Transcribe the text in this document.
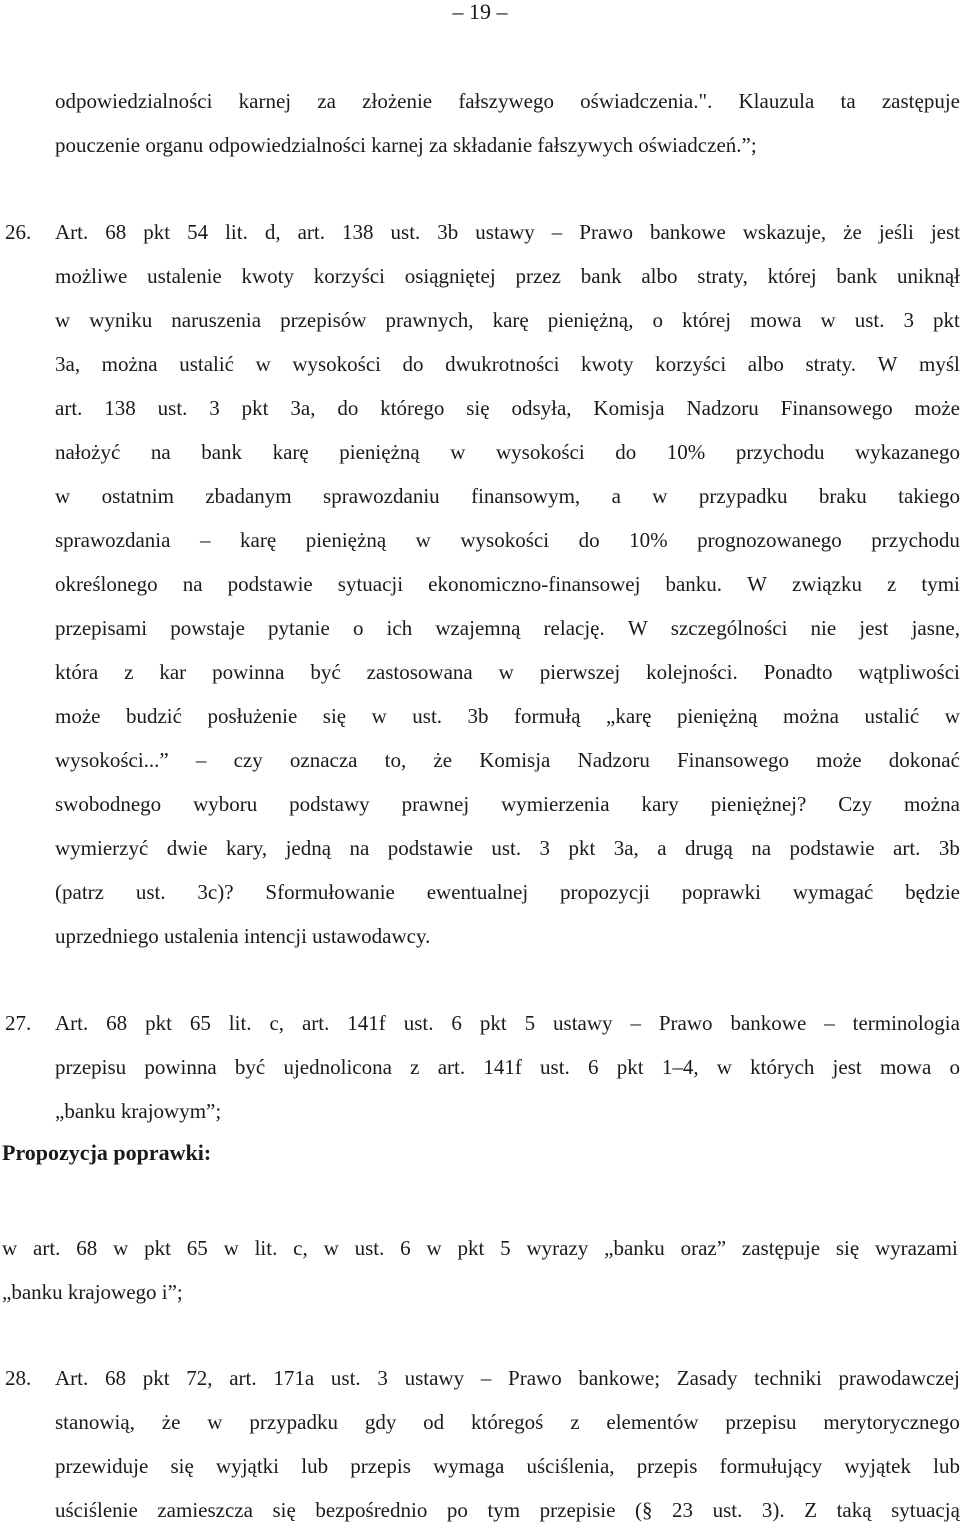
– 19 –
odpowiedzialności karnej za złożenie fałszywego oświadczenia.". Klauzula ta zastępuje
pouczenie organu odpowiedzialności karnej za składanie fałszywych oświadczeń.”;
26. Art. 68 pkt 54 lit. d, art. 138 ust. 3b ustawy – Prawo bankowe wskazuje, że jeśli jest
możliwe ustalenie kwoty korzyści osiągniętej przez bank albo straty, której bank uniknął
w wyniku naruszenia przepisów prawnych, karę pieniężną, o której mowa w ust. 3 pkt
3a, można ustalić w wysokości do dwukrotności kwoty korzyści albo straty. W myśl
art. 138 ust. 3 pkt 3a, do którego się odsyła, Komisja Nadzoru Finansowego może
nałożyć na bank karę pieniężną w wysokości do 10% przychodu wykazanego
w ostatnim zbadanym sprawozdaniu finansowym, a w przypadku braku takiego
sprawozdania – karę pieniężną w wysokości do 10% prognozowanego przychodu
określonego na podstawie sytuacji ekonomiczno-finansowej banku. W związku z tymi
przepisami powstaje pytanie o ich wzajemną relację. W szczególności nie jest jasne,
która z kar powinna być zastosowana w pierwszej kolejności. Ponadto wątpliwości
może budzić posłużenie się w ust. 3b formułą „karę pieniężną można ustalić w
wysokości...” – czy oznacza to, że Komisja Nadzoru Finansowego może dokonać
swobodnego wyboru podstawy prawnej wymierzenia kary pieniężnej? Czy można
wymierzyć dwie kary, jedną na podstawie ust. 3 pkt 3a, a drugą na podstawie art. 3b
(patrz ust. 3c)? Sformułowanie ewentualnej propozycji poprawki wymagać będzie
uprzedniego ustalenia intencji ustawodawcy.
27. Art. 68 pkt 65 lit. c, art. 141f ust. 6 pkt 5 ustawy – Prawo bankowe – terminologia
przepisu powinna być ujednolicona z art. 141f ust. 6 pkt 1–4, w których jest mowa o
„banku krajowym”;
Propozycja poprawki:
w art. 68 w pkt 65 w lit. c, w ust. 6 w pkt 5 wyrazy „banku oraz” zastępuje się wyrazami
„banku krajowego i”;
28. Art. 68 pkt 72, art. 171a ust. 3 ustawy – Prawo bankowe; Zasady techniki prawodawczej
stanowią, że w przypadku gdy od któregoś z elementów przepisu merytorycznego
przewiduje się wyjątki lub przepis wymaga uściślenia, przepis formułujący wyjątek lub
uściślenie zamieszcza się bezpośrednio po tym przepisie (§ 23 ust. 3). Z taką sytuacją
